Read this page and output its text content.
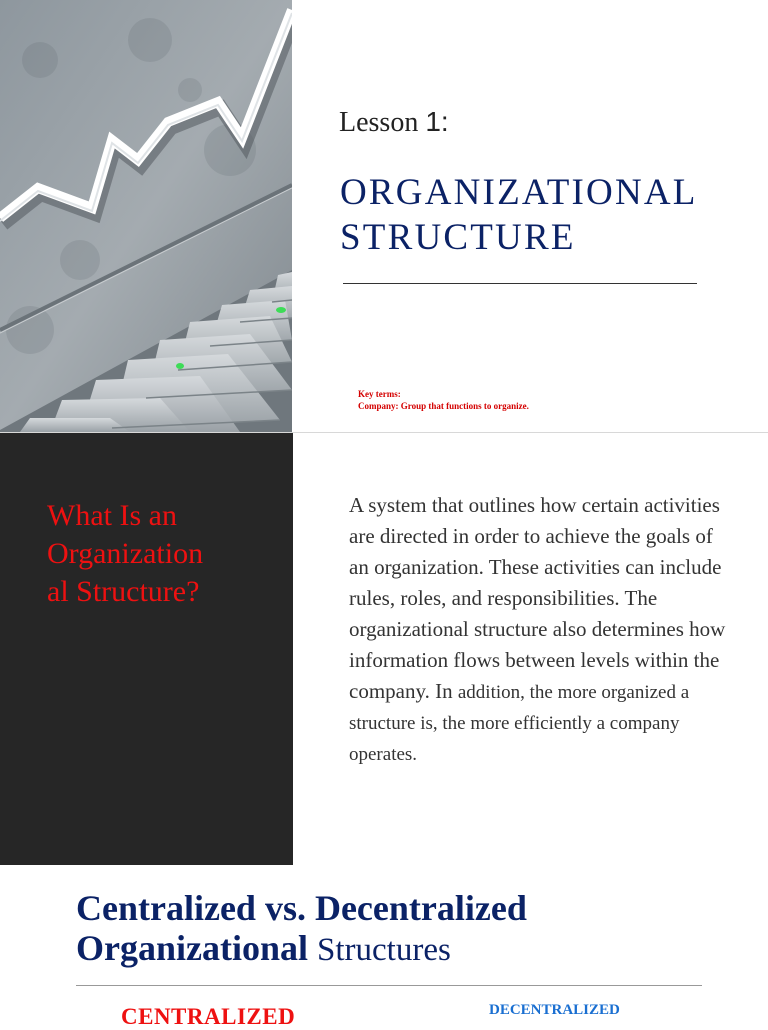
Lesson 1:
ORGANIZATIONAL
STRUCTURE
Key terms:
Company: Group that functions to organize.
What Is an
Organization
al Structure?
A system that outlines how certain activities are directed in order to achieve the goals of an organization. These activities can include rules, roles, and responsibilities. The organizational structure also determines how information flows between levels within the company. In addition, the more organized a structure is, the more efficiently a company operates.
Centralized vs. Decentralized
Organizational Structures
CENTRALIZED	DECENTRALIZED
